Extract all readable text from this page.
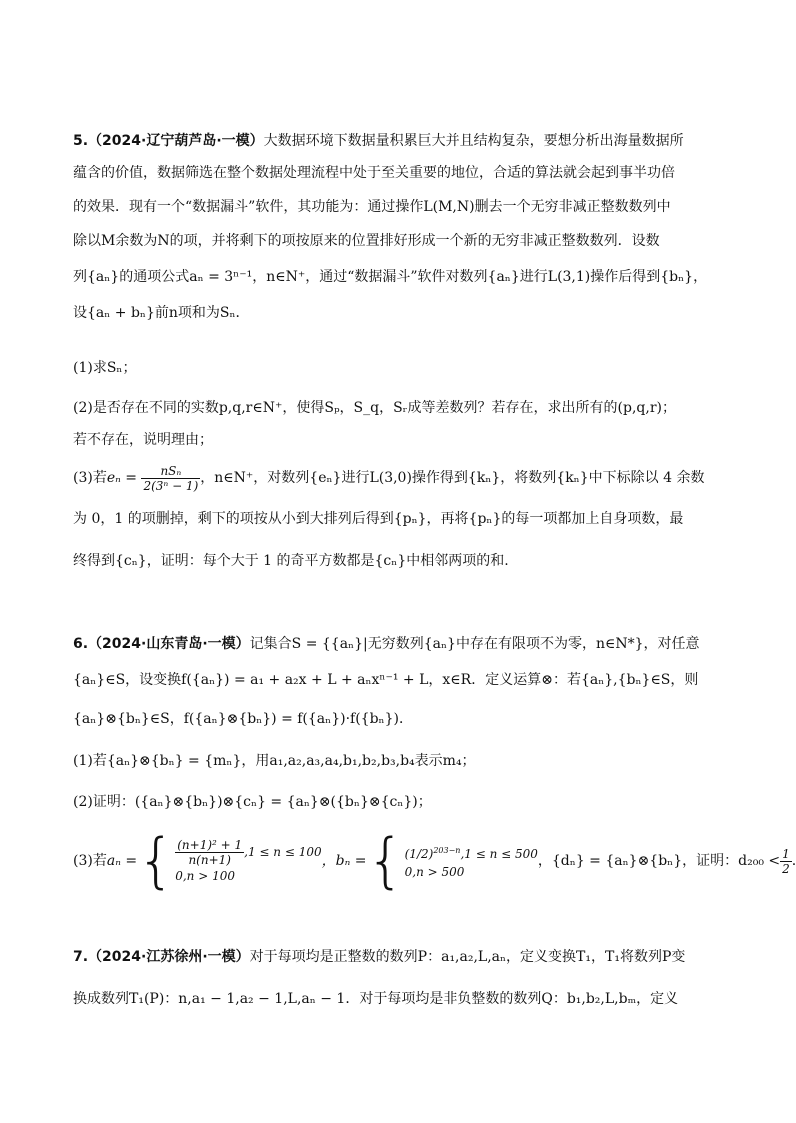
5.（2024·辽宁葫芦岛·一模）大数据环境下数据量积累巨大并且结构复杂，要想分析出海量数据所
蕴含的价值，数据筛选在整个数据处理流程中处于至关重要的地位，合适的算法就会起到事半功倍
的效果．现有一个“数据漏斗”软件，其功能为：通过操作L(M,N)删去一个无穷非减正整数数列中
除以M余数为N的项，并将剩下的项按原来的位置排好形成一个新的无穷非减正整数数列．设数
列{aₙ}的通项公式aₙ = 3ⁿ⁻¹，n∈N⁺，通过“数据漏斗”软件对数列{aₙ}进行L(3,1)操作后得到{bₙ}，
设{aₙ + bₙ}前n项和为Sₙ．
(1)求Sₙ；
(2)是否存在不同的实数p,q,r∈N⁺，使得Sₚ，S_q，Sᵣ成等差数列？若存在，求出所有的(p,q,r)；
若不存在，说明理由；
(3)若$e_n = \frac{\text{nSₙ}}{\text{2(3ⁿ − 1)}}$ ，n∈N⁺，对数列{eₙ}进行L(3,0)操作得到{kₙ}，将数列{kₙ}中下标除以 4 余数
为 0，1 的项删掉，剩下的项按从小到大排列后得到{pₙ}，再将{pₙ}的每一项都加上自身项数，最
终得到{cₙ}，证明：每个大于 1 的奇平方数都是{cₙ}中相邻两项的和.
6.（2024·山东青岛·一模）记集合S = {{aₙ}|无穷数列{aₙ}中存在有限项不为零，n∈N*}，对任意
{aₙ}∈S，设变换f({aₙ}) = a₁ + a₂x + L + aₙxⁿ⁻¹ + L，x∈R．定义运算⊗：若{aₙ},{bₙ}∈S，则
{aₙ}⊗{bₙ}∈S，f({aₙ}⊗{bₙ}) = f({aₙ})·f({bₙ})．
(1)若{aₙ}⊗{bₙ} = {mₙ}，用a₁,a₂,a₃,a₄,b₁,b₂,b₃,b₄表示m₄；
(2)证明：({aₙ}⊗{bₙ})⊗{cₙ} = {aₙ}⊗({bₙ}⊗{cₙ})；
(3)若aₙ ={ $\frac{\text{(n+1)² + 1}}{n(n+1)} ,1 \le n \le 100$
0,n > 100
，bₙ ={ $(1/2)^{203-n},1 \le n \le 500$
0,n > 500
，{dₙ} = {aₙ}⊗{bₙ}，证明：$d_{200} < \frac{1}{2}$ .
7.（2024·江苏徐州·一模）对于每项均是正整数的数列P：a₁,a₂,L,aₙ，定义变换T₁，T₁将数列P变
换成数列T₁(P)：n,a₁ − 1,a₂ − 1,L,aₙ − 1．对于每项均是非负整数的数列Q：b₁,b₂,L,bₘ，定义
